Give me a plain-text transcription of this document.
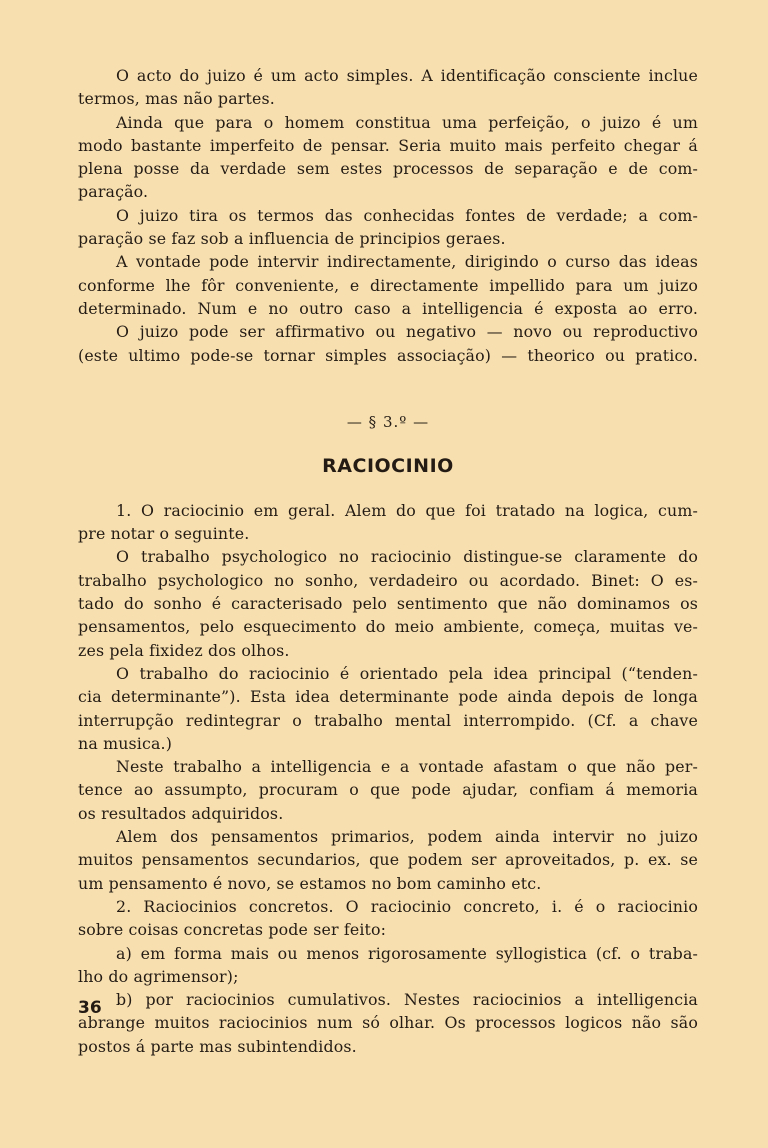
O acto do juizo é um acto simples. A identificação consciente inclue
termos, mas não partes.

Ainda que para o homem constitua uma perfeição, o juizo é um
modo bastante imperfeito de pensar. Seria muito mais perfeito chegar á
plena posse da verdade sem estes processos de separação e de com-
paração.

O juizo tira os termos das conhecidas fontes de verdade; a com-
paração se faz sob a influencia de principios geraes.

A vontade pode intervir indirectamente, dirigindo o curso das ideas
conforme lhe fôr conveniente, e directamente impellido para um juizo
determinado. Num e no outro caso a intelligencia é exposta ao erro.

O juizo pode ser affirmativo ou negativo — novo ou reproductivo
(este ultimo pode-se tornar simples associação) — theorico ou pratico.

— § 3.º —
RACIOCINIO

1. O raciocinio em geral. Alem do que foi tratado na logica, cum-
pre notar o seguinte.

O trabalho psychologico no raciocinio distingue-se claramente do
trabalho psychologico no sonho, verdadeiro ou acordado. Binet: O es-
tado do sonho é caracterisado pelo sentimento que não dominamos os
pensamentos, pelo esquecimento do meio ambiente, começa, muitas ve-
zes pela fixidez dos olhos.

O trabalho do raciocinio é orientado pela idea principal (“tenden-
cia determinante”). Esta idea determinante pode ainda depois de longa
interrupção redintegrar o trabalho mental interrompido. (Cf. a chave
na musica.)

Neste trabalho a intelligencia e a vontade afastam o que não per-
tence ao assumpto, procuram o que pode ajudar, confiam á memoria
os resultados adquiridos.

Alem dos pensamentos primarios, podem ainda intervir no juizo
muitos pensamentos secundarios, que podem ser aproveitados, p. ex. se
um pensamento é novo, se estamos no bom caminho etc.

2. Raciocinios concretos. O raciocinio concreto, i. é o raciocinio
sobre coisas concretas pode ser feito:

a) em forma mais ou menos rigorosamente syllogistica (cf. o traba-
lho do agrimensor);

b) por raciocinios cumulativos. Nestes raciocinios a intelligencia
abrange muitos raciocinios num só olhar. Os processos logicos não são
postos á parte mas subintendidos.

36
